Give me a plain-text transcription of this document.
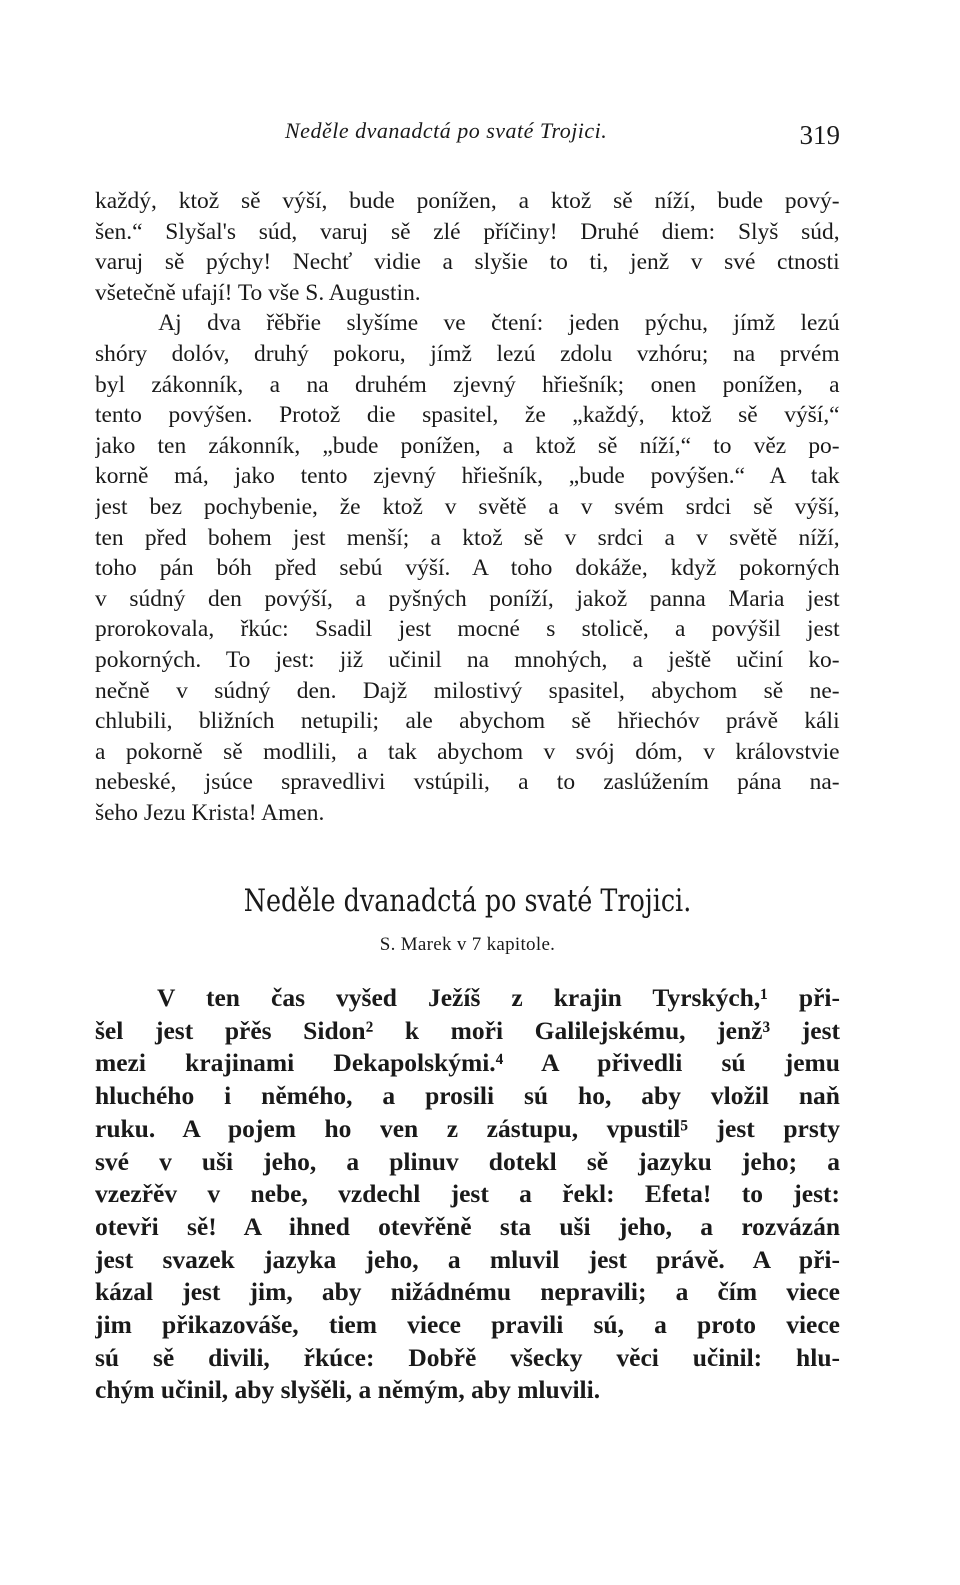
Neděle dvanadctá po svaté Trojici.	319
každý, ktož sě výší, bude ponížen, a ktož sě níží, bude pový-
šen.“ Slyšal's súd, varuj sě zlé příčiny! Druhé diem: Slyš súd,
varuj sě pýchy! Nechť vidie a slyšie to ti, jenž v své ctnosti
všetečně ufají! To vše S. Augustin.
Aj dva řěbřie slyšíme ve čtení: jeden pýchu, jímž lezú
shóry dolóv, druhý pokoru, jímž lezú zdolu vzhóru; na prvém
byl zákonník, a na druhém zjevný hřiešník; onen ponížen, a
tento povýšen. Protož die spasitel, že „každý, ktož sě výší,“
jako ten zákonník, „bude ponížen, a ktož sě níží,“ to věz po-
korně má, jako tento zjevný hřiešník, „bude povýšen.“ A tak
jest bez pochybenie, že ktož v světě a v svém srdci sě výší,
ten před bohem jest menší; a ktož sě v srdci a v světě níží,
toho pán bóh před sebú výší. A toho dokáže, když pokorných
v súdný den povýší, a pyšných poníží, jakož panna Maria jest
prorokovala, řkúc: Ssadil jest mocné s stolicě, a povýšil jest
pokorných. To jest: již učinil na mnohých, a ještě učiní ko-
nečně v súdný den. Dajž milostivý spasitel, abychom sě ne-
chlubili, bližních netupili; ale abychom sě hřiechóv právě káli
a pokorně sě modlili, a tak abychom v svój dóm, v královstvie
nebeské, jsúce spravedlivi vstúpili, a to zaslúžením pána na-
šeho Jezu Krista! Amen.
Neděle dvanadctá po svaté Trojici.
S. Marek v 7 kapitole.
V ten čas vyšed Ježíš z krajin Tyrských,¹ při-
šel jest přěs Sidon² k moři Galilejskému, jenž³ jest
mezi krajinami Dekapolskými.⁴ A přivedli sú jemu
hluchého i němého, a prosili sú ho, aby vložil naň
ruku. A pojem ho ven z zástupu, vpustil⁵ jest prsty
své v uši jeho, a plinuv dotekl sě jazyku jeho; a
vzezřěv v nebe, vzdechl jest a řekl: Efeta! to jest:
otevři sě! A ihned otevřěně sta uši jeho, a rozvázán
jest svazek jazyka jeho, a mluvil jest právě. A při-
kázal jest jim, aby nižádnému nepravili; a čím viece
jim přikazováše, tiem viece pravili sú, a proto viece
sú sě divili, řkúce: Dobřě všecky věci učinil: hlu-
chým učinil, aby slyšěli, a němým, aby mluvili.
